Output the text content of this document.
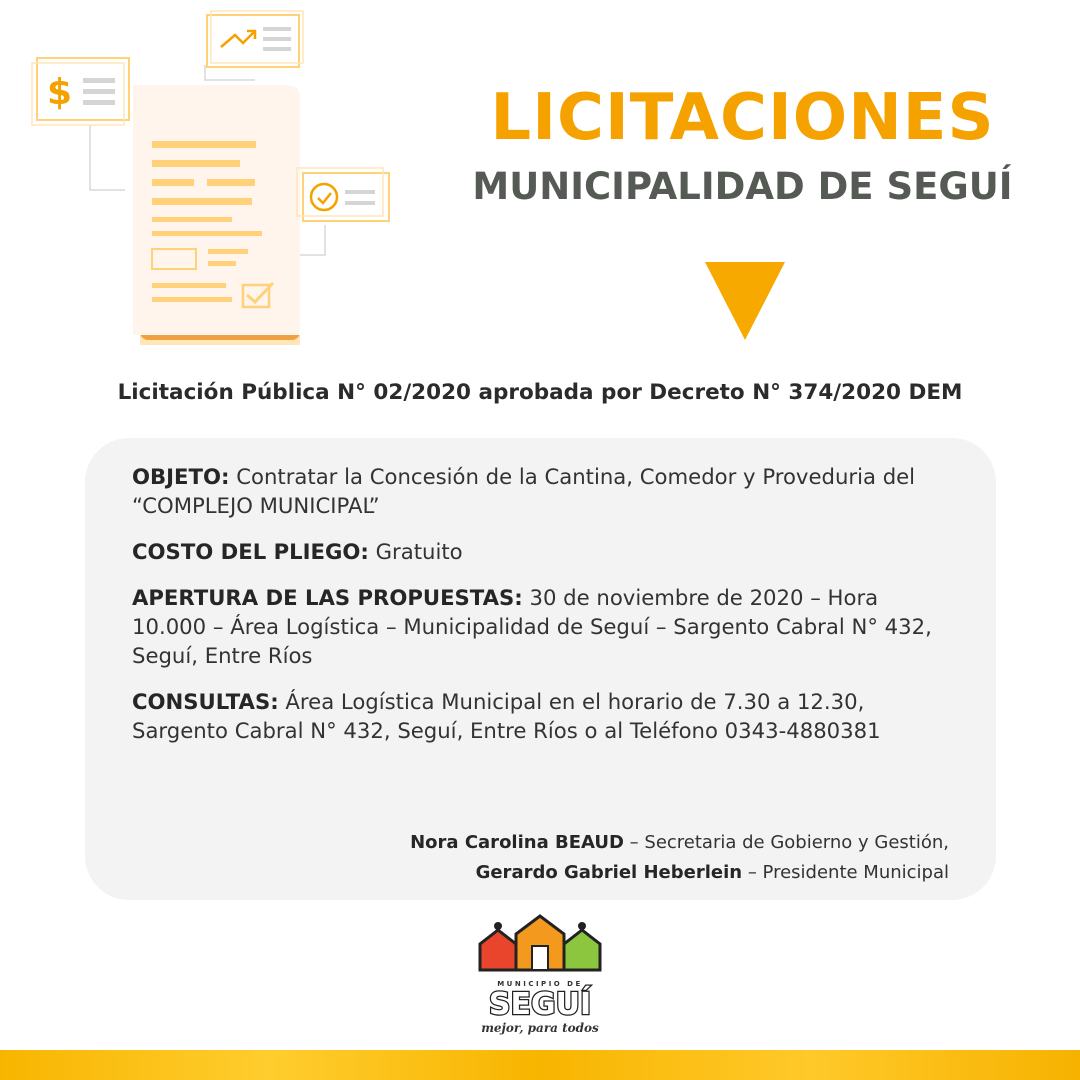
$	LICITACIONES
MUNICIPALIDAD DE SEGUÍ
Licitación Pública N° 02/2020 aprobada por Decreto N° 374/2020 DEM

OBJETO: Contratar la Concesión de la Cantina, Comedor y Proveduria del “COMPLEJO MUNICIPAL”

COSTO DEL PLIEGO: Gratuito

APERTURA DE LAS PROPUESTAS: 30 de noviembre de 2020 – Hora 10.000 – Área Logística – Municipalidad de Seguí – Sargento Cabral N° 432, Seguí, Entre Ríos

CONSULTAS: Área Logística Municipal en el horario de 7.30 a 12.30, Sargento Cabral N° 432, Seguí, Entre Ríos o al Teléfono 0343-4880381

Nora Carolina BEAUD – Secretaria de Gobierno y Gestión,
Gerardo Gabriel Heberlein – Presidente Municipal
MUNICIPIO DE
SEGUÍ
mejor, para todos
